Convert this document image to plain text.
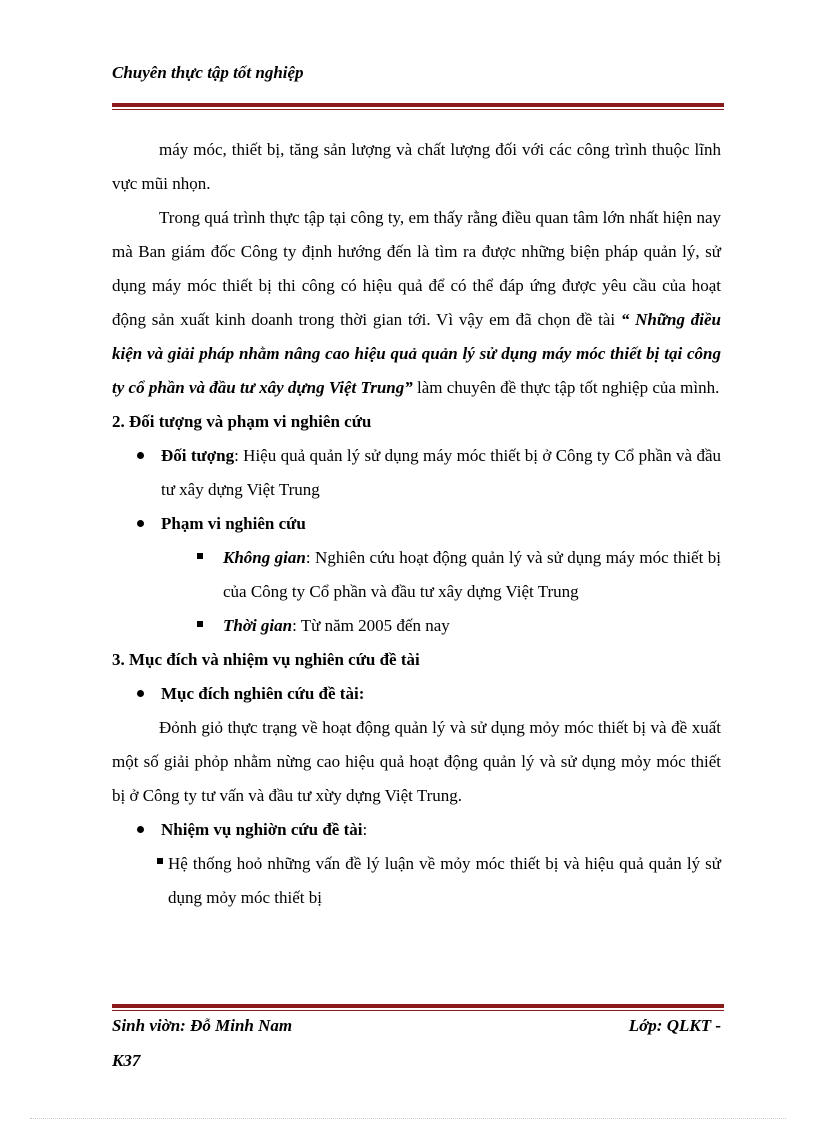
Chuyên thực tập tốt nghiệp

máy móc, thiết bị, tăng sản lượng và chất lượng đối với các công trình thuộc lĩnh vực mũi nhọn.

Trong quá trình thực tập tại công ty, em thấy rằng điều quan tâm lớn nhất hiện nay mà Ban giám đốc Công ty định hướng đến là tìm ra được những biện pháp quản lý, sử dụng máy móc thiết bị thi công có hiệu quả để có thể đáp ứng được yêu cầu của hoạt động sản xuất kinh doanh trong thời gian tới. Vì vậy em đã chọn đề tài “ Những điều kiện và giải pháp nhằm nâng cao hiệu quả quản lý sử dụng máy móc thiết bị tại công ty cổ phần và đầu tư xây dựng Việt Trung” làm chuyên đề thực tập tốt nghiệp của mình.

2. Đối tượng và phạm vi nghiên cứu

Đối tượng: Hiệu quả quản lý sử dụng máy móc thiết bị ở Công ty Cổ phần và đầu tư xây dựng Việt Trung

Phạm vi nghiên cứu

Không gian: Nghiên cứu hoạt động quản lý và sử dụng máy móc thiết bị của Công ty Cổ phần và đầu tư xây dựng Việt Trung

Thời gian: Từ năm 2005 đến nay

3. Mục đích và nhiệm vụ nghiên cứu đề tài

Mục đích nghiên cứu đề tài:

Đỏnh giỏ thực trạng về hoạt động quản lý và sử dụng mỏy móc thiết bị và đề xuất một số giải phỏp nhằm nừng cao hiệu quả hoạt động quản lý và sử dụng mỏy móc thiết bị ở Công ty tư vấn và đầu tư xừy dựng Việt Trung.

Nhiệm vụ nghiờn cứu đề tài:

Hệ thống hoỏ những vấn đề lý luận về mỏy móc thiết bị và hiệu quả quản lý sử dụng mỏy móc thiết bị

Sinh viờn: Đỗ Minh Nam	Lớp: QLKT -
K37
